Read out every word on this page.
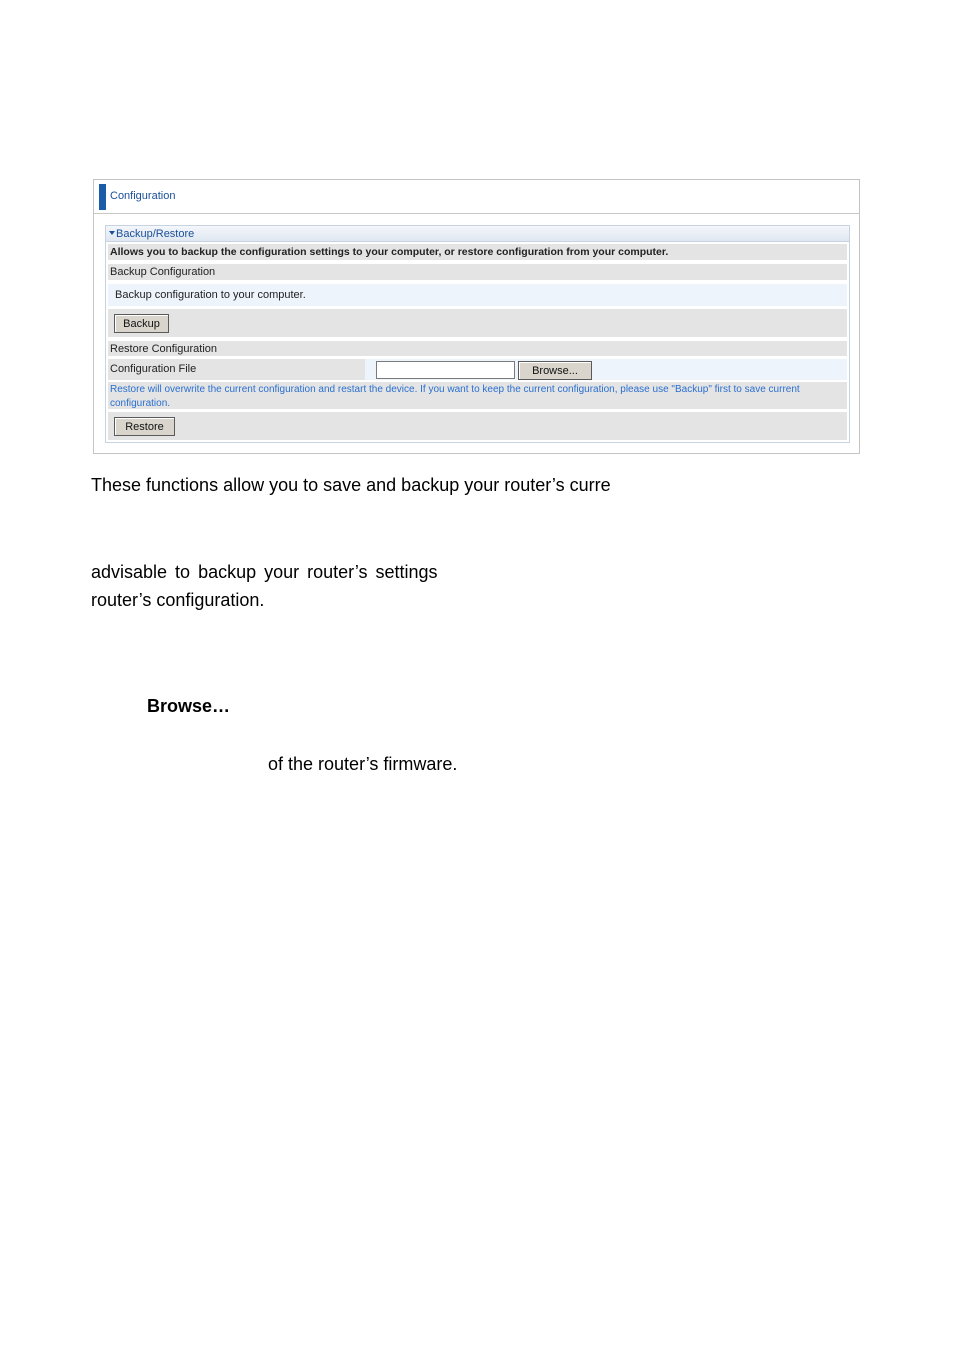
Configuration
Backup/Restore
Allows you to backup the configuration settings to your computer, or restore configuration from your computer.
Backup Configuration
Backup configuration to your computer.
Backup
Restore Configuration
Configuration File	Browse...
Restore will overwrite the current configuration and restart the device. If you want to keep the current configuration, please use "Backup" first to save current configuration.
Restore
These functions allow you to save and backup your router’s curre
advisable to backup your router’s settings
router’s configuration.
Browse…
of the router’s firmware.
